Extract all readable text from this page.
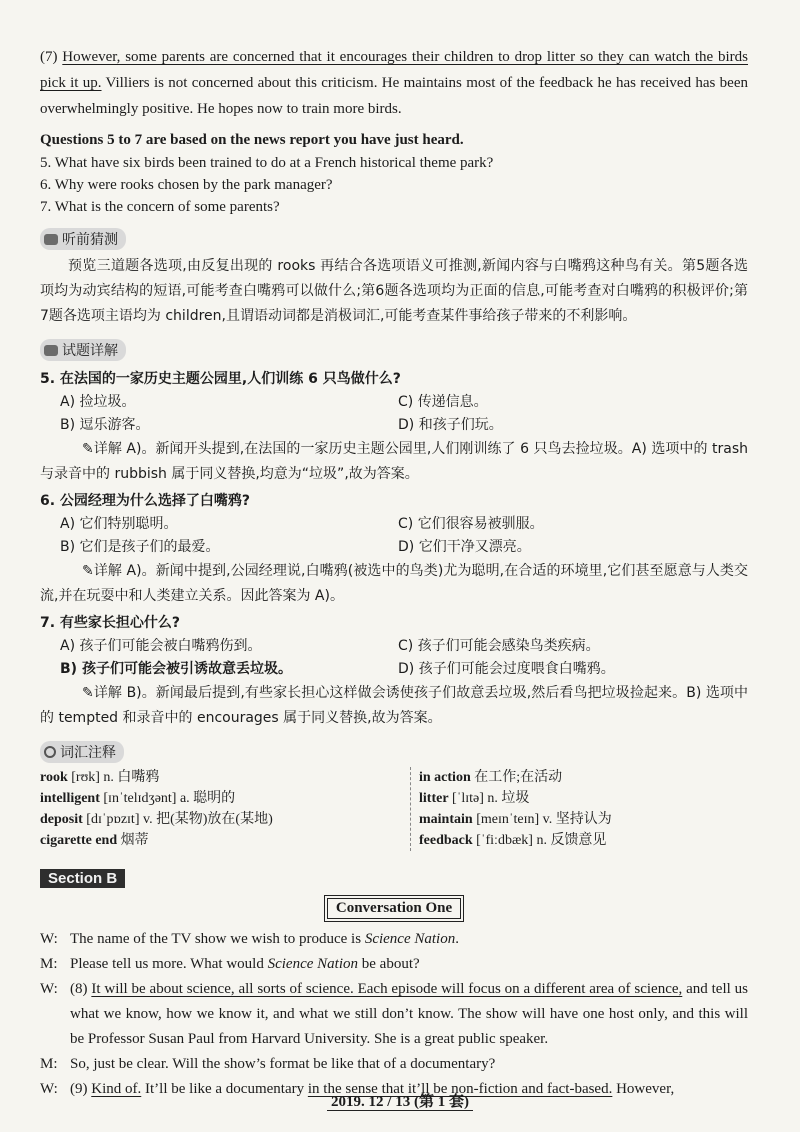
(7) However, some parents are concerned that it encourages their children to drop litter so they can watch the birds pick it up. Villiers is not concerned about this criticism. He maintains most of the feedback he has received has been overwhelmingly positive. He hopes now to train more birds.

Questions 5 to 7 are based on the news report you have just heard.

5. What have six birds been trained to do at a French historical theme park?

6. Why were rooks chosen by the park manager?

7. What is the concern of some parents?

听前猜测

预览三道题各选项,由反复出现的 rooks 再结合各选项语义可推测,新闻内容与白嘴鸦这种鸟有关。第5题各选项均为动宾结构的短语,可能考查白嘴鸦可以做什么;第6题各选项均为正面的信息,可能考查对白嘴鸦的积极评价;第7题各选项主语均为 children,且谓语动词都是消极词汇,可能考查某件事给孩子带来的不利影响。

试题详解

5. 在法国的一家历史主题公园里,人们训练 6 只鸟做什么?

A) 捡垃圾。	C) 传递信息。
B) 逗乐游客。	D) 和孩子们玩。

✎详解 A)。新闻开头提到,在法国的一家历史主题公园里,人们刚训练了 6 只鸟去捡垃圾。A) 选项中的 trash 与录音中的 rubbish 属于同义替换,均意为“垃圾”,故为答案。

6. 公园经理为什么选择了白嘴鸦?

A) 它们特别聪明。	C) 它们很容易被驯服。
B) 它们是孩子们的最爱。	D) 它们干净又漂亮。

✎详解 A)。新闻中提到,公园经理说,白嘴鸦(被选中的鸟类)尤为聪明,在合适的环境里,它们甚至愿意与人类交流,并在玩耍中和人类建立关系。因此答案为 A)。

7. 有些家长担心什么?

A) 孩子们可能会被白嘴鸦伤到。	C) 孩子们可能会感染鸟类疾病。
B) 孩子们可能会被引诱故意丢垃圾。	D) 孩子们可能会过度喂食白嘴鸦。

✎详解 B)。新闻最后提到,有些家长担心这样做会诱使孩子们故意丢垃圾,然后看鸟把垃圾捡起来。B) 选项中的 tempted 和录音中的 encourages 属于同义替换,故为答案。

词汇注释
rook [rʊk] n. 白嘴鸦
intelligent [ɪnˈtelɪdʒənt] a. 聪明的
deposit [dɪˈpɒzɪt] v. 把(某物)放在(某地)
cigarette end 烟蒂
in action 在工作;在活动
litter [ˈlɪtə] n. 垃圾
maintain [meɪnˈteɪn] v. 坚持认为
feedback [ˈfiːdbæk] n. 反馈意见
Section B
Conversation One
W: The name of the TV show we wish to produce is Science Nation.
M: Please tell us more. What would Science Nation be about?
W: (8) It will be about science, all sorts of science. Each episode will focus on a different area of science, and tell us what we know, how we know it, and what we still don’t know. The show will have one host only, and this will be Professor Susan Paul from Harvard University. She is a great public speaker.
M: So, just be clear. Will the show’s format be like that of a documentary?
W: (9) Kind of. It’ll be like a documentary in the sense that it’ll be non-fiction and fact-based. However,
2019. 12 / 13 (第 1 套)
